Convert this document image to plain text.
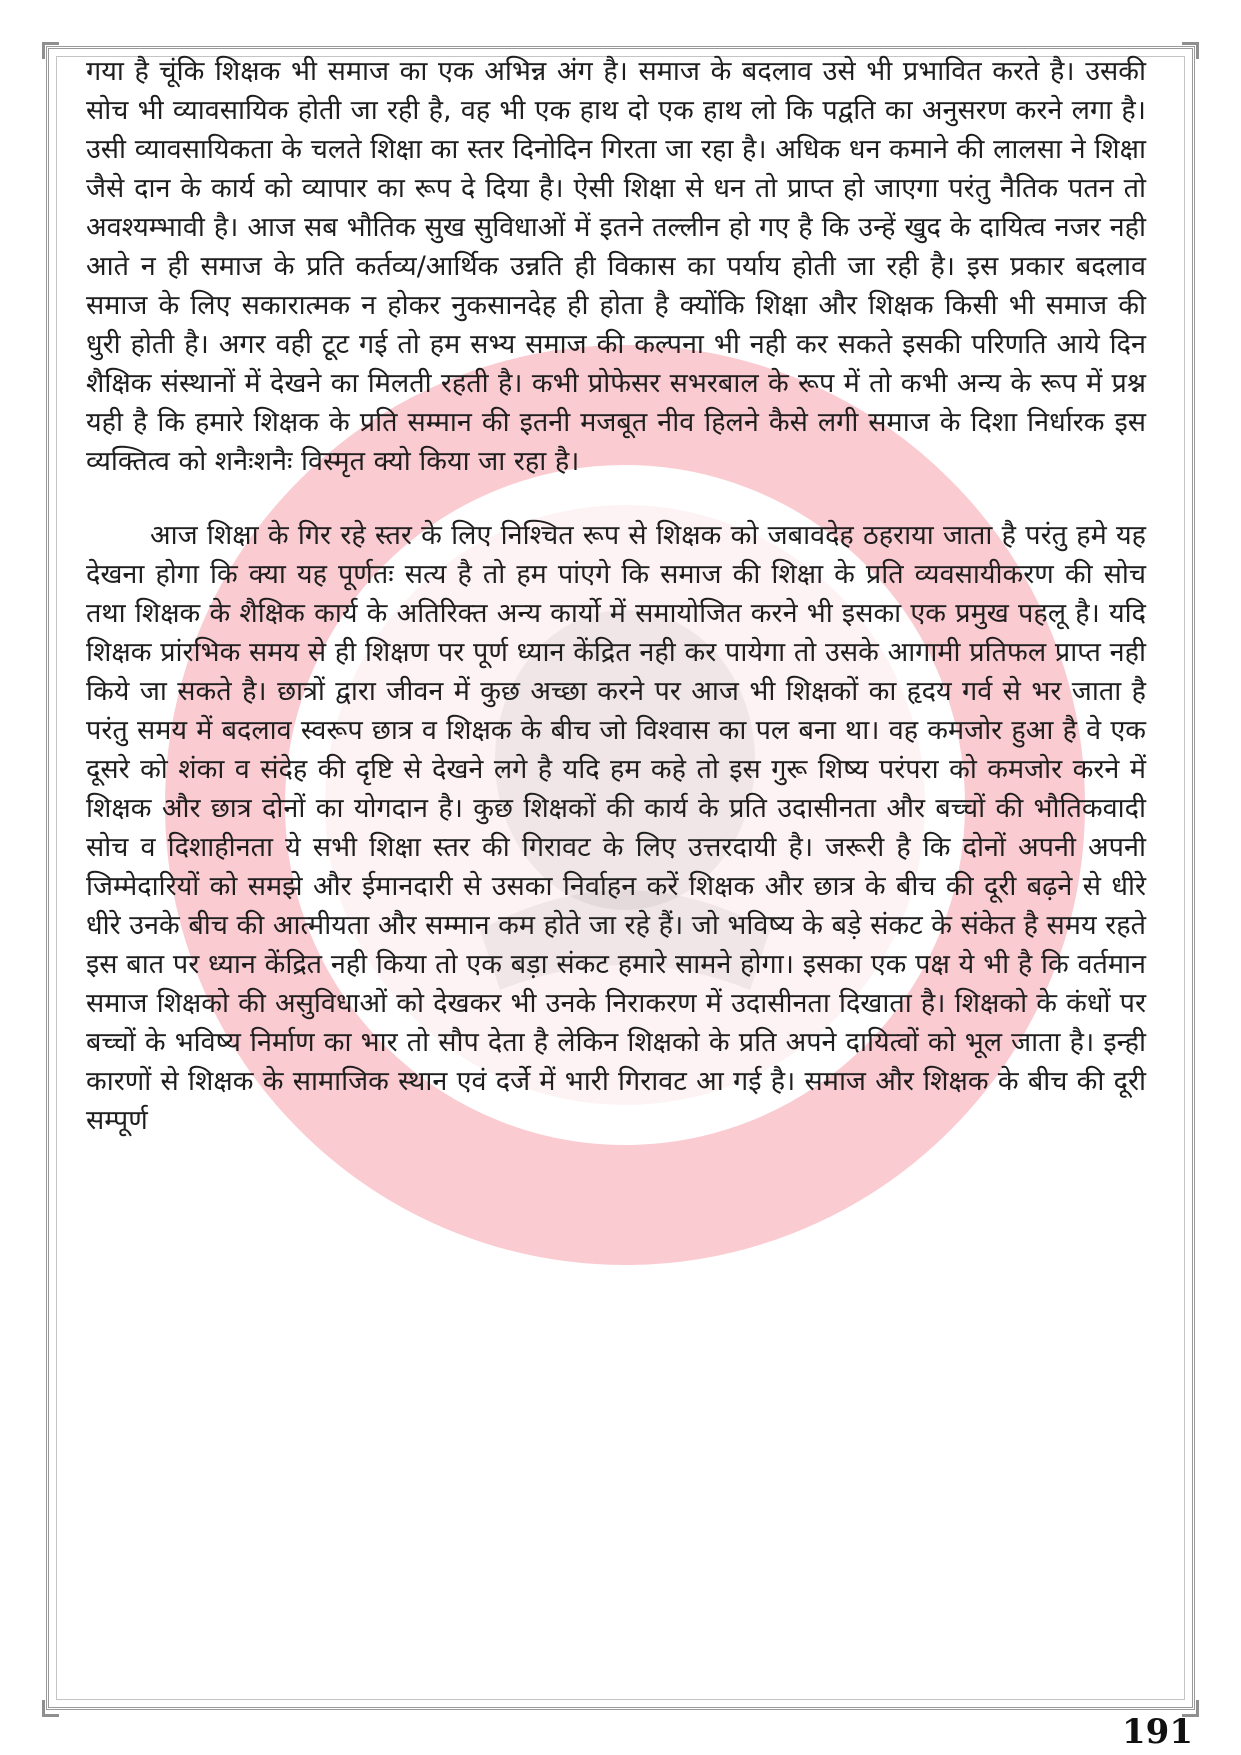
गया है चूंकि शिक्षक भी समाज का एक अभिन्न अंग है। समाज के बदलाव उसे भी प्रभावित करते है। उसकी सोच भी व्यावसायिक होती जा रही है, वह भी एक हाथ दो एक हाथ लो कि पद्वति का अनुसरण करने लगा है। उसी व्यावसायिकता के चलते शिक्षा का स्तर दिनोदिन गिरता जा रहा है। अधिक धन कमाने की लालसा ने शिक्षा जैसे दान के कार्य को व्यापार का रूप दे दिया है। ऐसी शिक्षा से धन तो प्राप्त हो जाएगा परंतु नैतिक पतन तो अवश्यम्भावी है। आज सब भौतिक सुख सुविधाओं में इतने तल्लीन हो गए है कि उन्हें खुद के दायित्व नजर नही आते न ही समाज के प्रति कर्तव्य/आर्थिक उन्नति ही विकास का पर्याय होती जा रही है। इस प्रकार बदलाव समाज के लिए सकारात्मक न होकर नुकसानदेह ही होता है क्योंकि शिक्षा और शिक्षक किसी भी समाज की धुरी होती है। अगर वही टूट गई तो हम सभ्य समाज की कल्पना भी नही कर सकते इसकी परिणति आये दिन शैक्षिक संस्थानों में देखने का मिलती रहती है। कभी प्रोफेसर सभरबाल के रूप में तो कभी अन्य के रूप में प्रश्न यही है कि हमारे शिक्षक के प्रति सम्मान की इतनी मजबूत नीव हिलने कैसे लगी समाज के दिशा निर्धारक इस व्यक्तित्व को शनैःशनैः विस्मृत क्यो किया जा रहा है।

आज शिक्षा के गिर रहे स्तर के लिए निश्चित रूप से शिक्षक को जबावदेह ठहराया जाता है परंतु हमे यह देखना होगा कि क्या यह पूर्णतः सत्य है तो हम पांएगे कि समाज की शिक्षा के प्रति व्यवसायीकरण की सोच तथा शिक्षक के शैक्षिक कार्य के अतिरिक्त अन्य कार्यो में समायोजित करने भी इसका एक प्रमुख पहलू है। यदि शिक्षक प्रांरभिक समय से ही शिक्षण पर पूर्ण ध्यान केंद्रित नही कर पायेगा तो उसके आगामी प्रतिफल प्राप्त नही किये जा सकते है। छात्रों द्वारा जीवन में कुछ अच्छा करने पर आज भी शिक्षकों का हृदय गर्व से भर जाता है परंतु समय में बदलाव स्वरूप छात्र व शिक्षक के बीच जो विश्वास का पल बना था। वह कमजोर हुआ है वे एक दूसरे को शंका व संदेह की दृष्टि से देखने लगे है यदि हम कहे तो इस गुरू शिष्य परंपरा को कमजोर करने में शिक्षक और छात्र दोनों का योगदान है। कुछ शिक्षकों की कार्य के प्रति उदासीनता और बच्चों की भौतिकवादी सोच व दिशाहीनता ये सभी शिक्षा स्तर की गिरावट के लिए उत्तरदायी है। जरूरी है कि दोनों अपनी अपनी जिम्मेदारियों को समझे और ईमानदारी से उसका निर्वाहन करें शिक्षक और छात्र के बीच की दूरी बढ़ने से धीरे धीरे उनके बीच की आत्मीयता और सम्मान कम होते जा रहे हैं। जो भविष्य के बड़े संकट के संकेत है समय रहते इस बात पर ध्यान केंद्रित नही किया तो एक बड़ा संकट हमारे सामने होगा। इसका एक पक्ष ये भी है कि वर्तमान समाज शिक्षको की असुविधाओं को देखकर भी उनके निराकरण में उदासीनता दिखाता है। शिक्षको के कंधों पर बच्चों के भविष्य निर्माण का भार तो सौप देता है लेकिन शिक्षको के प्रति अपने दायित्वों को भूल जाता है। इन्ही कारणों से शिक्षक के सामाजिक स्थान एवं दर्जे में भारी गिरावट आ गई है। समाज और शिक्षक के बीच की दूरी सम्पूर्ण

191
